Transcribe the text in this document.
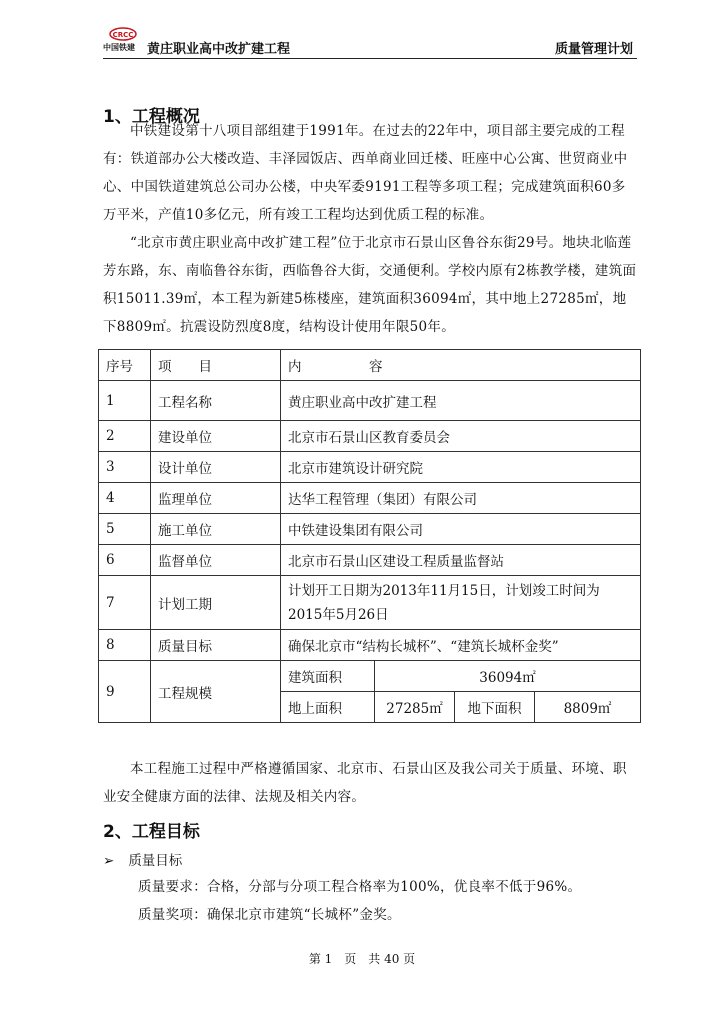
CRCC
中国铁建 黄庄职业高中改扩建工程	质量管理计划
1、工程概况

中铁建设第十八项目部组建于1991年。在过去的22年中，项目部主要完成的工程有：铁道部办公大楼改造、丰泽园饭店、西单商业回迁楼、旺座中心公寓、世贸商业中心、中国铁道建筑总公司办公楼，中央军委9191工程等多项工程；完成建筑面积60多万平米，产值10多亿元，所有竣工工程均达到优质工程的标准。

“北京市黄庄职业高中改扩建工程”位于北京市石景山区鲁谷东街29号。地块北临莲芳东路，东、南临鲁谷东街，西临鲁谷大街，交通便利。学校内原有2栋教学楼，建筑面积15011.39㎡，本工程为新建5栋楼座，建筑面积36094㎡，其中地上27285㎡，地下8809㎡。抗震设防烈度8度，结构设计使用年限50年。

序号	项　　目	内　　　　　容			
1	工程名称	黄庄职业高中改扩建工程			
2	建设单位	北京市石景山区教育委员会			
3	设计单位	北京市建筑设计研究院			
4	监理单位	达华工程管理（集团）有限公司			
5	施工单位	中铁建设集团有限公司			
6	监督单位	北京市石景山区建设工程质量监督站			
7	计划工期	计划开工日期为2013年11月15日，计划竣工时间为
2015年5月26日			

8	质量目标	确保北京市“结构长城杯”、“建筑长城杯金奖”			
9	工程规模	建筑面积	36094㎡		
		地上面积	27285㎡	地下面积	8809㎡

本工程施工过程中严格遵循国家、北京市、石景山区及我公司关于质量、环境、职业安全健康方面的法律、法规及相关内容。

2、工程目标
➢ 质量目标

质量要求：合格，分部与分项工程合格率为100%，优良率不低于96%。

质量奖项：确保北京市建筑“长城杯”金奖。

第 1　页　共 40 页
